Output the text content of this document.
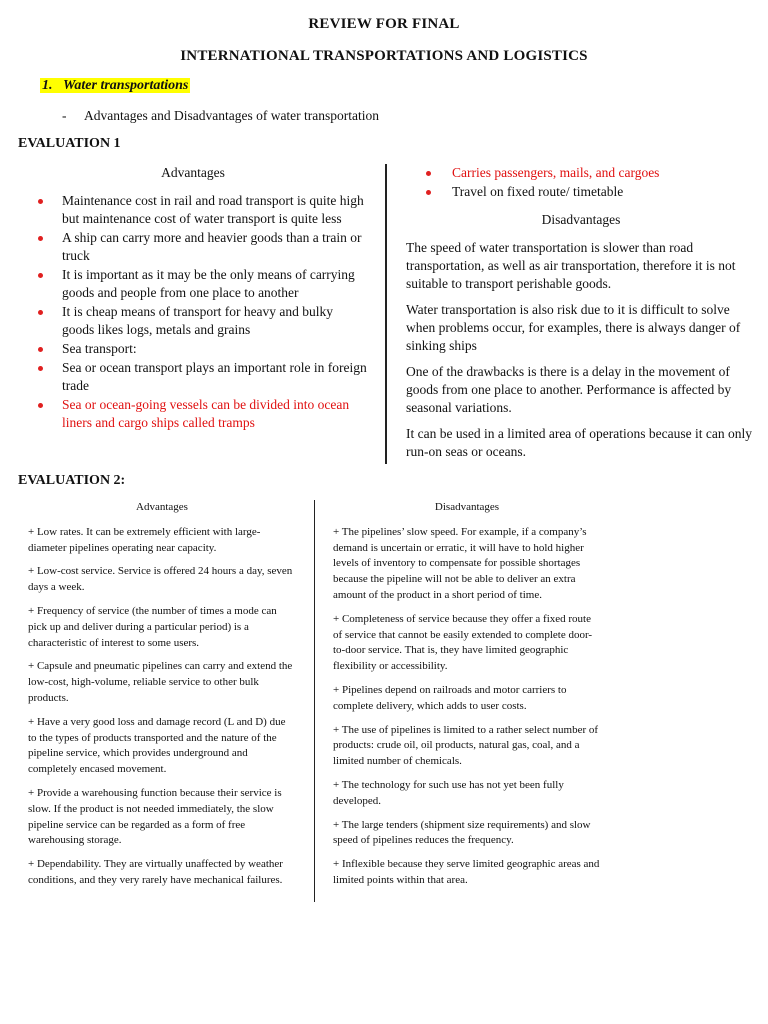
REVIEW FOR FINAL
INTERNATIONAL TRANSPORTATIONS AND LOGISTICS
1. Water transportations
- Advantages and Disadvantages of water transportation
EVALUATION 1
Advantages
Maintenance cost in rail and road transport is quite high but maintenance cost of water transport is quite less
A ship can carry more and heavier goods than a train or truck
It is important as it may be the only means of carrying goods and people from one place to another
It is cheap means of transport for heavy and bulky goods likes logs, metals and grains
Sea transport:
Sea or ocean transport plays an important role in foreign trade
Sea or ocean-going vessels can be divided into ocean liners and cargo ships called tramps
Carries passengers, mails, and cargoes
Travel on fixed route/ timetable
Disadvantages
The speed of water transportation is slower than road transportation, as well as air transportation, therefore it is not suitable to transport perishable goods.
Water transportation is also risk due to it is difficult to solve when problems occur, for examples, there is always danger of sinking ships
One of the drawbacks is there is a delay in the movement of goods from one place to another. Performance is affected by seasonal variations.
It can be used in a limited area of operations because it can only run-on seas or oceans.
EVALUATION 2:
Advantages
+ Low rates. It can be extremely efficient with large-diameter pipelines operating near capacity.
+ Low-cost service. Service is offered 24 hours a day, seven days a week.
+ Frequency of service (the number of times a mode can pick up and deliver during a particular period) is a characteristic of interest to some users.
+ Capsule and pneumatic pipelines can carry and extend the low-cost, high-volume, reliable service to other bulk products.
+ Have a very good loss and damage record (L and D) due to the types of products transported and the nature of the pipeline service, which provides underground and completely encased movement.
+ Provide a warehousing function because their service is slow. If the product is not needed immediately, the slow pipeline service can be regarded as a form of free warehousing storage.
+ Dependability. They are virtually unaffected by weather conditions, and they very rarely have mechanical failures.
Disadvantages
+ The pipelines’ slow speed. For example, if a company’s demand is uncertain or erratic, it will have to hold higher levels of inventory to compensate for possible shortages because the pipeline will not be able to deliver an extra amount of the product in a short period of time.
+ Completeness of service because they offer a fixed route of service that cannot be easily extended to complete door-to-door service. That is, they have limited geographic flexibility or accessibility.
+ Pipelines depend on railroads and motor carriers to complete delivery, which adds to user costs.
+ The use of pipelines is limited to a rather select number of products: crude oil, oil products, natural gas, coal, and a limited number of chemicals.
+ The technology for such use has not yet been fully developed.
+ The large tenders (shipment size requirements) and slow speed of pipelines reduces the frequency.
+ Inflexible because they serve limited geographic areas and limited points within that area.
